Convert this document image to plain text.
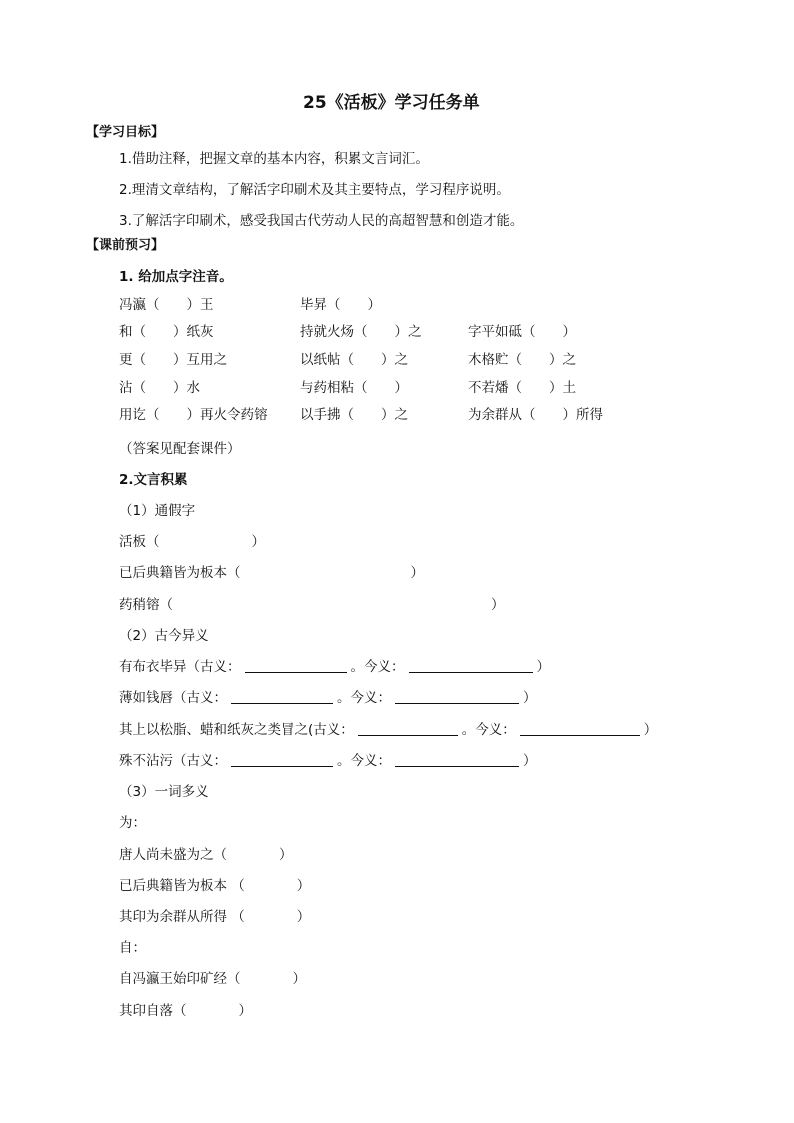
25《活板》学习任务单
【学习目标】
1.借助注释，把握文章的基本内容，积累文言词汇。
2.理清文章结构，了解活字印刷术及其主要特点，学习程序说明。
3.了解活字印刷术，感受我国古代劳动人民的高超智慧和创造才能。
【课前预习】
1. 给加点字注音。
冯瀛（　　）王	毕昇（　　）
和（　　）纸灰	持就火炀（　　）之	字平如砥（　　）
更（　　）互用之	以纸帖（　　）之	木格贮（　　）之
沾（　　）水	与药相粘（　　）	不若燔（　　）土
用讫（　　）再火令药镕 以手拂（　　）之	为余群从（　　）所得
（答案见配套课件）
2.文言积累
（1）通假字
活板（	）
已后典籍皆为板本（	）
药稍镕（	）
（2）古今异义
有布衣毕异（古义：	。今义：	）
薄如钱唇（古义：	。今义：	）
其上以松脂、蜡和纸灰之类冒之(古义：	。今义：	）
殊不沾污（古义：	。今义：	）
（3）一词多义
为：
唐人尚未盛为之（	）
已后典籍皆为板本 （	）
其印为余群从所得 （	）
自：
自冯瀛王始印矿经（	）
其印自落（	）
